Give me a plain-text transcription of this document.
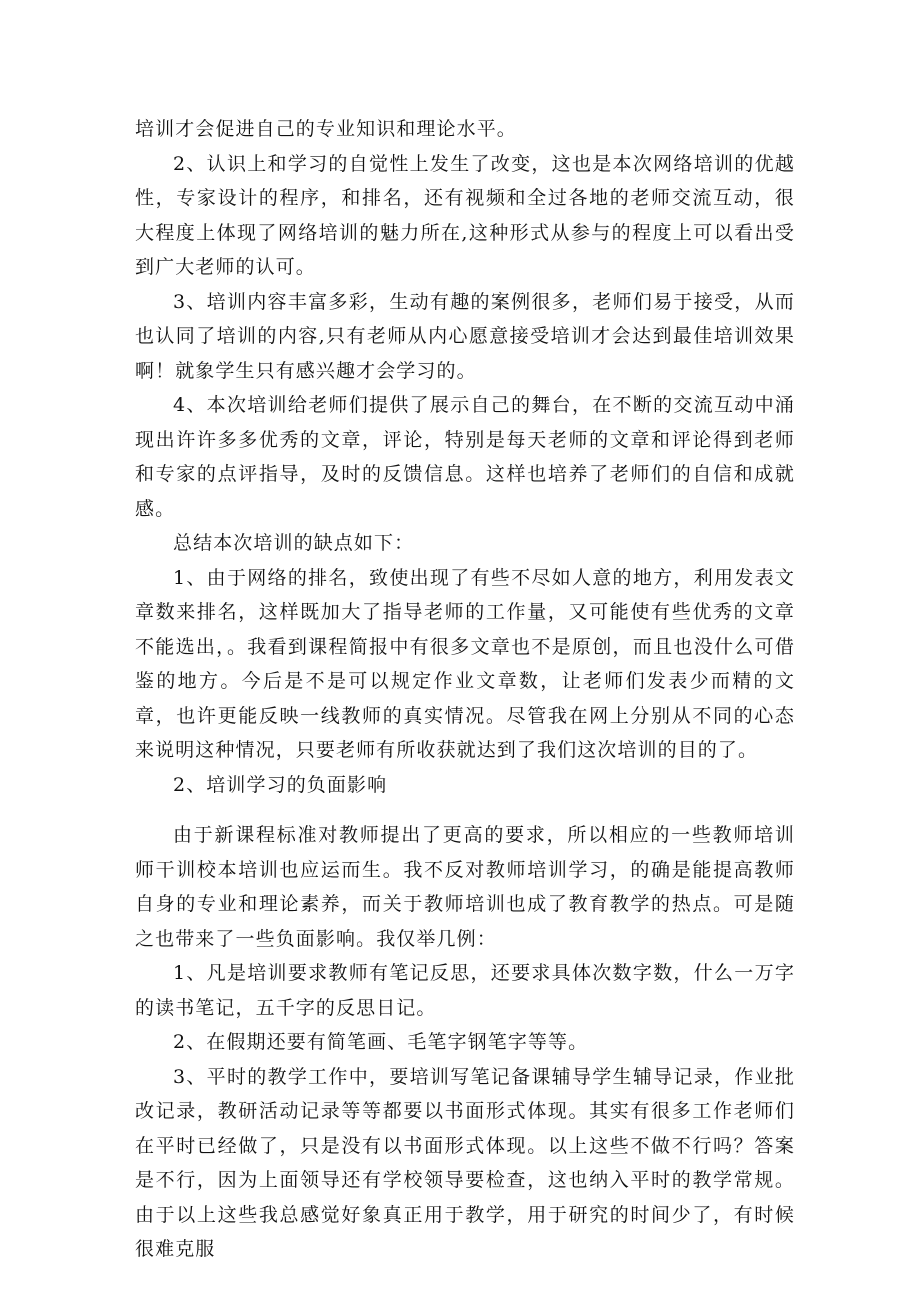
培训才会促进自己的专业知识和理论水平。

2、认识上和学习的自觉性上发生了改变，这也是本次网络培训的优越性，专家设计的程序，和排名，还有视频和全过各地的老师交流互动，很大程度上体现了网络培训的魅力所在,这种形式从参与的程度上可以看出受到广大老师的认可。

3、培训内容丰富多彩，生动有趣的案例很多，老师们易于接受，从而也认同了培训的内容,只有老师从内心愿意接受培训才会达到最佳培训效果啊！就象学生只有感兴趣才会学习的。

4、本次培训给老师们提供了展示自己的舞台，在不断的交流互动中涌现出许许多多优秀的文章，评论，特别是每天老师的文章和评论得到老师和专家的点评指导，及时的反馈信息。这样也培养了老师们的自信和成就感。

总结本次培训的缺点如下：

1、由于网络的排名，致使出现了有些不尽如人意的地方，利用发表文章数来排名，这样既加大了指导老师的工作量，又可能使有些优秀的文章不能选出，。我看到课程简报中有很多文章也不是原创，而且也没什么可借鉴的地方。今后是不是可以规定作业文章数，让老师们发表少而精的文章，也许更能反映一线教师的真实情况。尽管我在网上分别从不同的心态来说明这种情况，只要老师有所收获就达到了我们这次培训的目的了。

2、培训学习的负面影响

由于新课程标准对教师提出了更高的要求，所以相应的一些教师培训师干训校本培训也应运而生。我不反对教师培训学习，的确是能提高教师自身的专业和理论素养，而关于教师培训也成了教育教学的热点。可是随之也带来了一些负面影响。我仅举几例：

1、凡是培训要求教师有笔记反思，还要求具体次数字数，什么一万字的读书笔记，五千字的反思日记。

2、在假期还要有简笔画、毛笔字钢笔字等等。

3、平时的教学工作中，要培训写笔记备课辅导学生辅导记录，作业批改记录，教研活动记录等等都要以书面形式体现。其实有很多工作老师们在平时已经做了，只是没有以书面形式体现。以上这些不做不行吗？答案是不行，因为上面领导还有学校领导要检查，这也纳入平时的教学常规。由于以上这些我总感觉好象真正用于教学，用于研究的时间少了，有时候很难克服
